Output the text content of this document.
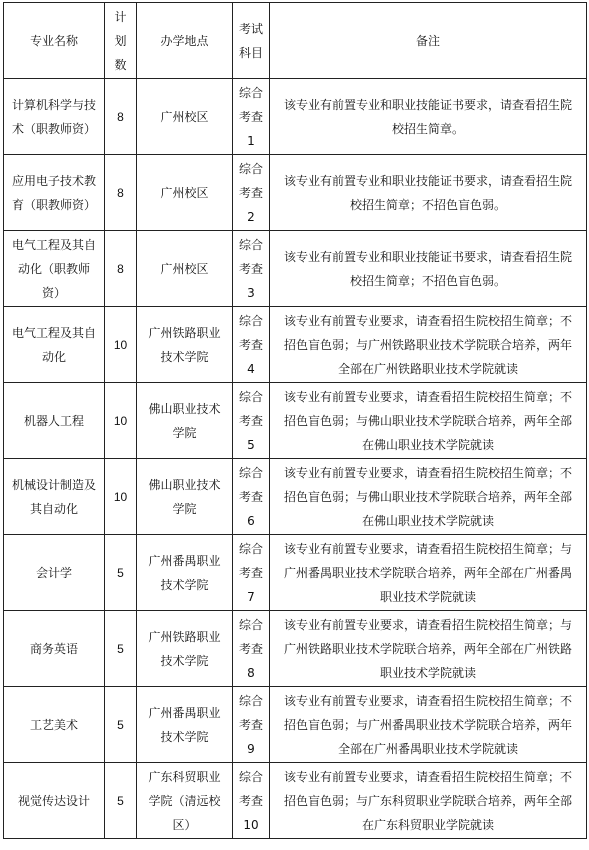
专业名称	计划数	办学地点	考试科目	备注
计算机科学与技术（职教师资）	8	广州校区	综合考查1	该专业有前置专业和职业技能证书要求，请查看招生院校招生简章。
应用电子技术教育（职教师资）	8	广州校区	综合考查2	该专业有前置专业和职业技能证书要求，请查看招生院校招生简章；不招色盲色弱。
电气工程及其自动化（职教师资）	8	广州校区	综合考查3	该专业有前置专业和职业技能证书要求，请查看招生院校招生简章；不招色盲色弱。
电气工程及其自动化	10	广州铁路职业技术学院	综合考查4	该专业有前置专业要求，请查看招生院校招生简章；不招色盲色弱；与广州铁路职业技术学院联合培养，两年全部在广州铁路职业技术学院就读
机器人工程	10	佛山职业技术学院	综合考查5	该专业有前置专业要求，请查看招生院校招生简章；不招色盲色弱；与佛山职业技术学院联合培养，两年全部在佛山职业技术学院就读
机械设计制造及其自动化	10	佛山职业技术学院	综合考查6	该专业有前置专业要求，请查看招生院校招生简章；不招色盲色弱；与佛山职业技术学院联合培养，两年全部在佛山职业技术学院就读
会计学	5	广州番禺职业技术学院	综合考查7	该专业有前置专业要求，请查看招生院校招生简章；与广州番禺职业技术学院联合培养，两年全部在广州番禺职业技术学院就读
商务英语	5	广州铁路职业技术学院	综合考查8	该专业有前置专业要求，请查看招生院校招生简章；与广州铁路职业技术学院联合培养，两年全部在广州铁路职业技术学院就读
工艺美术	5	广州番禺职业技术学院	综合考查9	该专业有前置专业要求，请查看招生院校招生简章；不招色盲色弱；与广州番禺职业技术学院联合培养，两年全部在广州番禺职业技术学院就读
视觉传达设计	5	广东科贸职业学院（清远校区）	综合考查10	该专业有前置专业要求，请查看招生院校招生简章；不招色盲色弱；与广东科贸职业学院联合培养，两年全部在广东科贸职业学院就读
